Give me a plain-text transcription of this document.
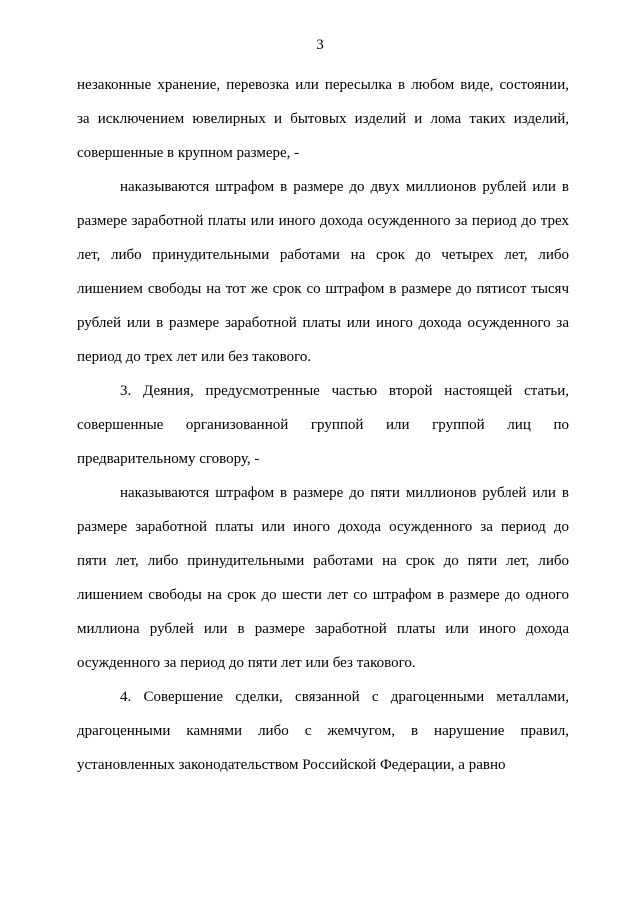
3
незаконные хранение, перевозка или пересылка в любом виде, состоянии,
за исключением ювелирных и бытовых изделий и лома таких изделий,
совершенные в крупном размере, -
наказываются штрафом в размере до двух миллионов рублей или в
размере заработной платы или иного дохода осужденного за период до трех
лет, либо принудительными работами на срок до четырех лет, либо
лишением свободы на тот же срок со штрафом в размере до пятисот тысяч
рублей или в размере заработной платы или иного дохода осужденного за
период до трех лет или без такового.
3. Деяния, предусмотренные частью второй настоящей статьи,
совершенные организованной группой или группой лиц по
предварительному сговору, -
наказываются штрафом в размере до пяти миллионов рублей или в
размере заработной платы или иного дохода осужденного за период до
пяти лет, либо принудительными работами на срок до пяти лет, либо
лишением свободы на срок до шести лет со штрафом в размере до одного
миллиона рублей или в размере заработной платы или иного дохода
осужденного за период до пяти лет или без такового.
4. Совершение сделки, связанной с драгоценными металлами,
драгоценными камнями либо с жемчугом, в нарушение правил,
установленных законодательством Российской Федерации, а равно
